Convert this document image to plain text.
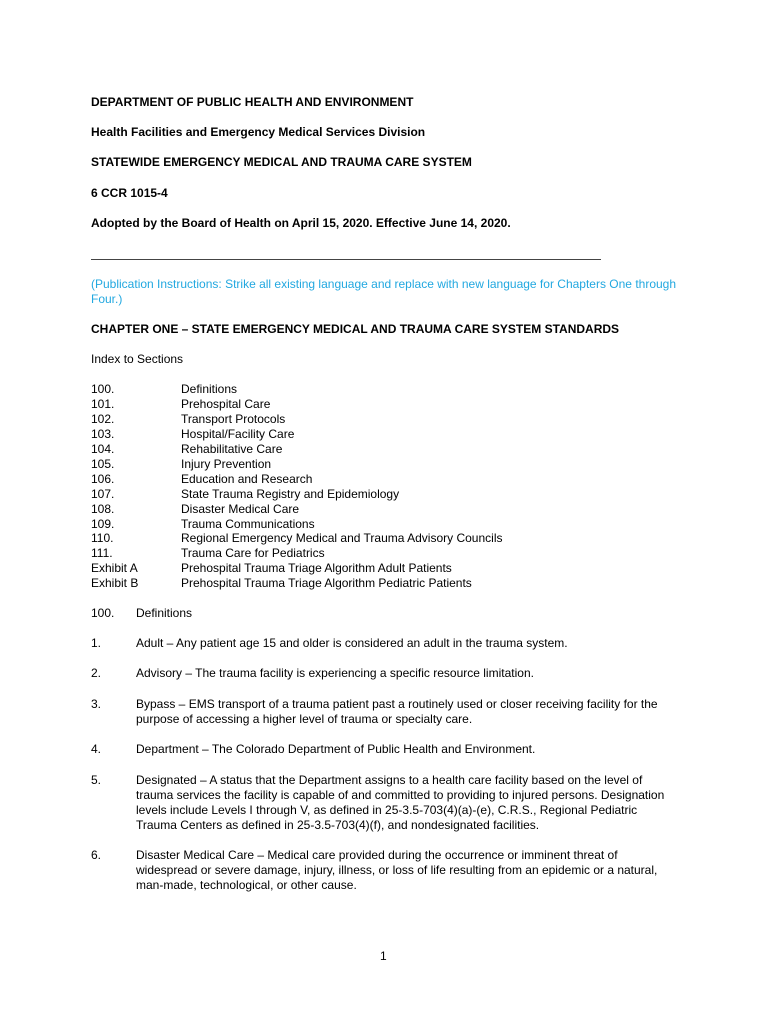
DEPARTMENT OF PUBLIC HEALTH AND ENVIRONMENT
Health Facilities and Emergency Medical Services Division
STATEWIDE EMERGENCY MEDICAL AND TRAUMA CARE SYSTEM
6 CCR 1015-4
Adopted by the Board of Health on April 15, 2020. Effective June 14, 2020.
(Publication Instructions: Strike all existing language and replace with new language for Chapters One through Four.)
CHAPTER ONE – STATE EMERGENCY MEDICAL AND TRAUMA CARE SYSTEM STANDARDS
Index to Sections
100.	Definitions
101.	Prehospital Care
102.	Transport Protocols
103.	Hospital/Facility Care
104.	Rehabilitative Care
105.	Injury Prevention
106.	Education and Research
107.	State Trauma Registry and Epidemiology
108.	Disaster Medical Care
109.	Trauma Communications
110.	Regional Emergency Medical and Trauma Advisory Councils
111.	Trauma Care for Pediatrics
Exhibit A	Prehospital Trauma Triage Algorithm Adult Patients
Exhibit B	Prehospital Trauma Triage Algorithm Pediatric Patients
100. Definitions
1.	Adult – Any patient age 15 and older is considered an adult in the trauma system.
2.	Advisory – The trauma facility is experiencing a specific resource limitation.
3.	Bypass – EMS transport of a trauma patient past a routinely used or closer receiving facility for the purpose of accessing a higher level of trauma or specialty care.
4.	Department – The Colorado Department of Public Health and Environment.
5.	Designated – A status that the Department assigns to a health care facility based on the level of trauma services the facility is capable of and committed to providing to injured persons. Designation levels include Levels I through V, as defined in 25-3.5-703(4)(a)-(e), C.R.S., Regional Pediatric Trauma Centers as defined in 25-3.5-703(4)(f), and nondesignated facilities.
6.	Disaster Medical Care – Medical care provided during the occurrence or imminent threat of widespread or severe damage, injury, illness, or loss of life resulting from an epidemic or a natural, man-made, technological, or other cause.
1
